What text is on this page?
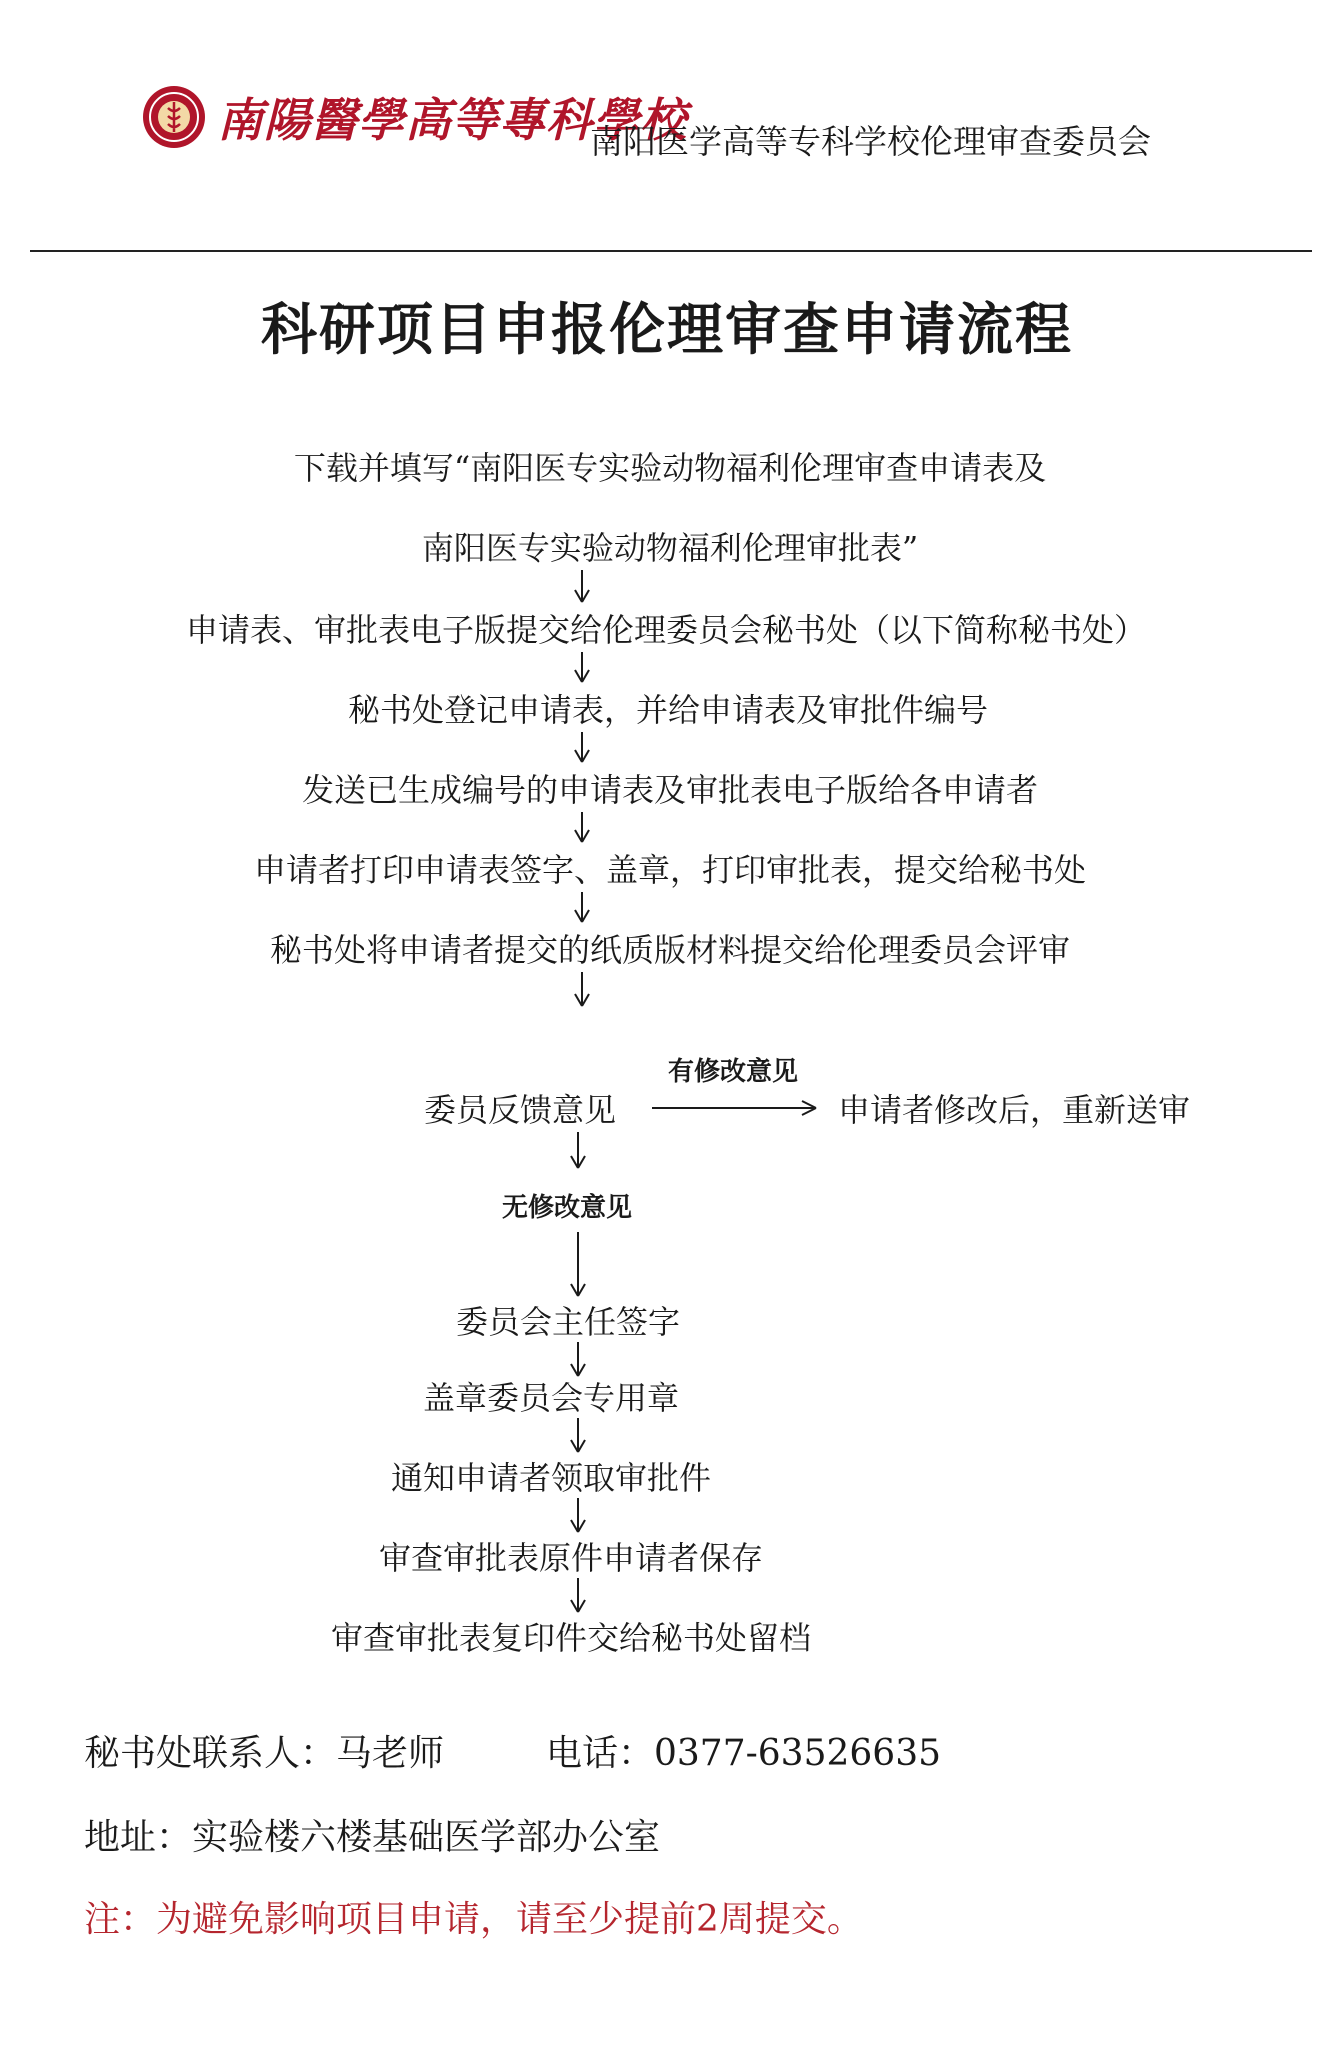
南陽醫學高等專科學校
南阳医学高等专科学校伦理审查委员会
科研项目申报伦理审查申请流程
下载并填写“南阳医专实验动物福利伦理审查申请表及
南阳医专实验动物福利伦理审批表”
申请表、审批表电子版提交给伦理委员会秘书处（以下简称秘书处）
秘书处登记申请表，并给申请表及审批件编号
发送已生成编号的申请表及审批表电子版给各申请者
申请者打印申请表签字、盖章，打印审批表，提交给秘书处
秘书处将申请者提交的纸质版材料提交给伦理委员会评审
有修改意见
委员反馈意见	申请者修改后，重新送审
无修改意见
委员会主任签字
盖章委员会专用章
通知申请者领取审批件
审查审批表原件申请者保存
审查审批表复印件交给秘书处留档
秘书处联系人：马老师	电话：0377-63526635
地址：实验楼六楼基础医学部办公室
注：为避免影响项目申请，请至少提前2周提交。
